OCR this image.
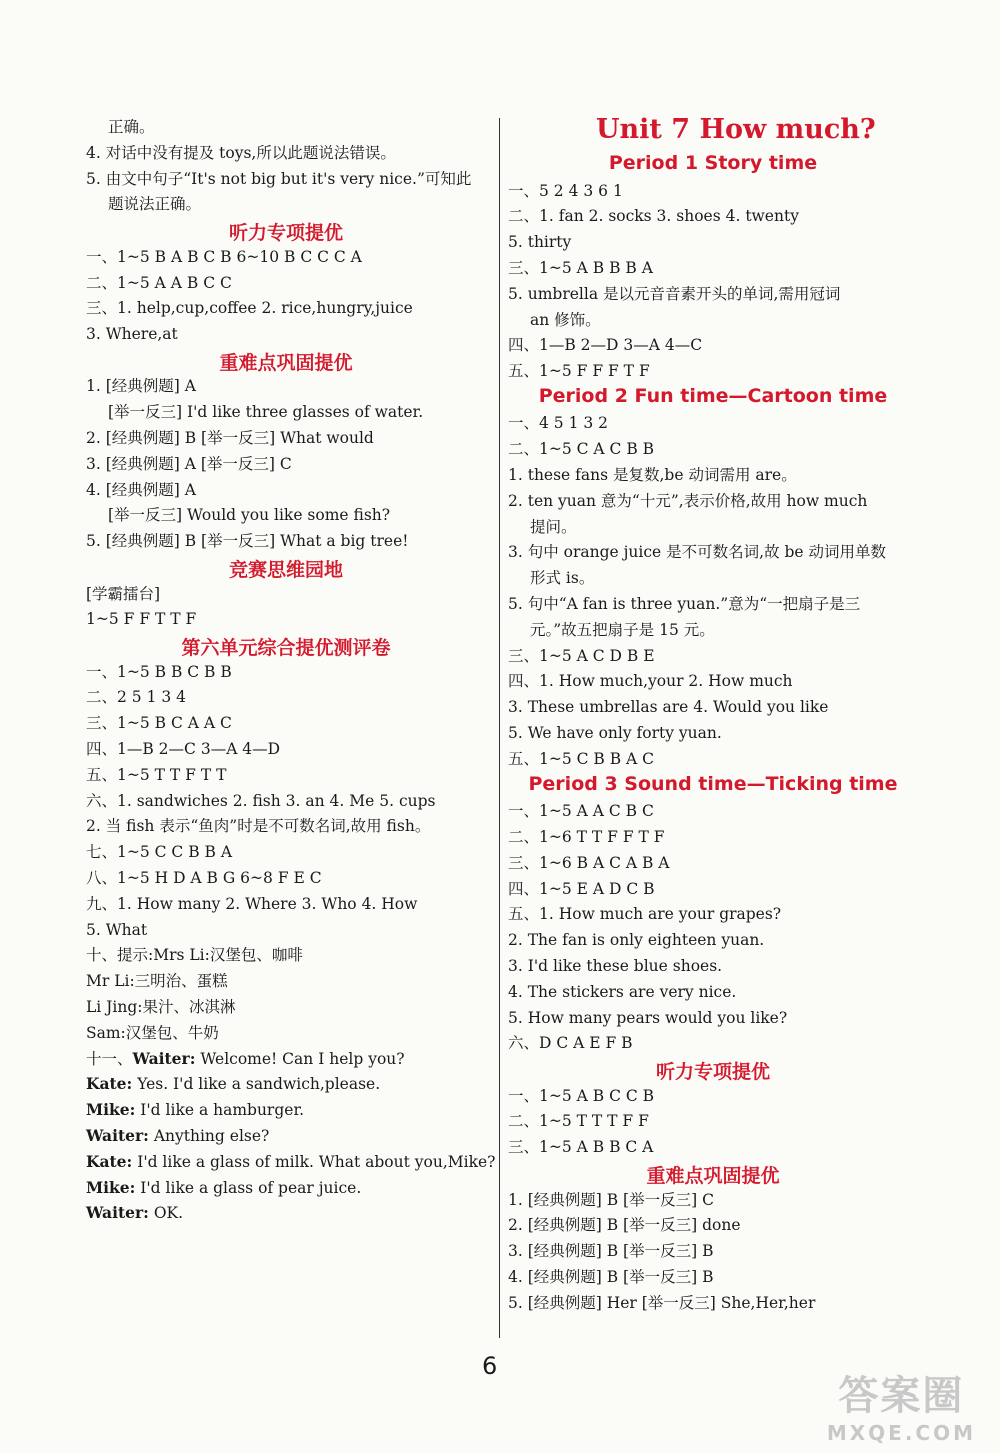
正确。
4. 对话中没有提及 toys,所以此题说法错误。
5. 由文中句子“It's not big but it's very nice.”可知此
题说法正确。
听力专项提优
一、1~5 B A B C B 6~10 B C C C A
二、1~5 A A B C C
三、1. help,cup,coffee 2. rice,hungry,juice
3. Where,at
重难点巩固提优
1. [经典例题] A
[举一反三] I'd like three glasses of water.
2. [经典例题] B [举一反三] What would
3. [经典例题] A [举一反三] C
4. [经典例题] A
[举一反三] Would you like some fish?
5. [经典例题] B [举一反三] What a big tree!
竞赛思维园地
[学霸擂台]
1~5 F F T T F
第六单元综合提优测评卷
一、1~5 B B C B B
二、2 5 1 3 4
三、1~5 B C A A C
四、1—B 2—C 3—A 4—D
五、1~5 T T F T T
六、1. sandwiches 2. fish 3. an 4. Me 5. cups
2. 当 fish 表示“鱼肉”时是不可数名词,故用 fish。
七、1~5 C C B B A
八、1~5 H D A B G 6~8 F E C
九、1. How many 2. Where 3. Who 4. How
5. What
十、提示:Mrs Li:汉堡包、咖啡
Mr Li:三明治、蛋糕
Li Jing:果汁、冰淇淋
Sam:汉堡包、牛奶
十一、Waiter: Welcome! Can I help you?
Kate: Yes. I'd like a sandwich,please.
Mike: I'd like a hamburger.
Waiter: Anything else?
Kate: I'd like a glass of milk. What about you,Mike?
Mike: I'd like a glass of pear juice.
Waiter: OK.
Unit 7 How much?
Period 1 Story time
一、5 2 4 3 6 1
二、1. fan 2. socks 3. shoes 4. twenty
5. thirty
三、1~5 A B B B A
5. umbrella 是以元音音素开头的单词,需用冠词
an 修饰。
四、1—B 2—D 3—A 4—C
五、1~5 F F F T F
Period 2 Fun time—Cartoon time
一、4 5 1 3 2
二、1~5 C A C B B
1. these fans 是复数,be 动词需用 are。
2. ten yuan 意为“十元”,表示价格,故用 how much
提问。
3. 句中 orange juice 是不可数名词,故 be 动词用单数
形式 is。
5. 句中“A fan is three yuan.”意为“一把扇子是三
元。”故五把扇子是 15 元。
三、1~5 A C D B E
四、1. How much,your 2. How much
3. These umbrellas are 4. Would you like
5. We have only forty yuan.
五、1~5 C B B A C
Period 3 Sound time—Ticking time
一、1~5 A A C B C
二、1~6 T T F F T F
三、1~6 B A C A B A
四、1~5 E A D C B
五、1. How much are your grapes?
2. The fan is only eighteen yuan.
3. I'd like these blue shoes.
4. The stickers are very nice.
5. How many pears would you like?
六、D C A E F B
听力专项提优
一、1~5 A B C C B
二、1~5 T T T F F
三、1~5 A B B C A
重难点巩固提优
1. [经典例题] B [举一反三] C
2. [经典例题] B [举一反三] done
3. [经典例题] B [举一反三] B
4. [经典例题] B [举一反三] B
5. [经典例题] Her [举一反三] She,Her,her
6
答案圈
MXQE.COM
